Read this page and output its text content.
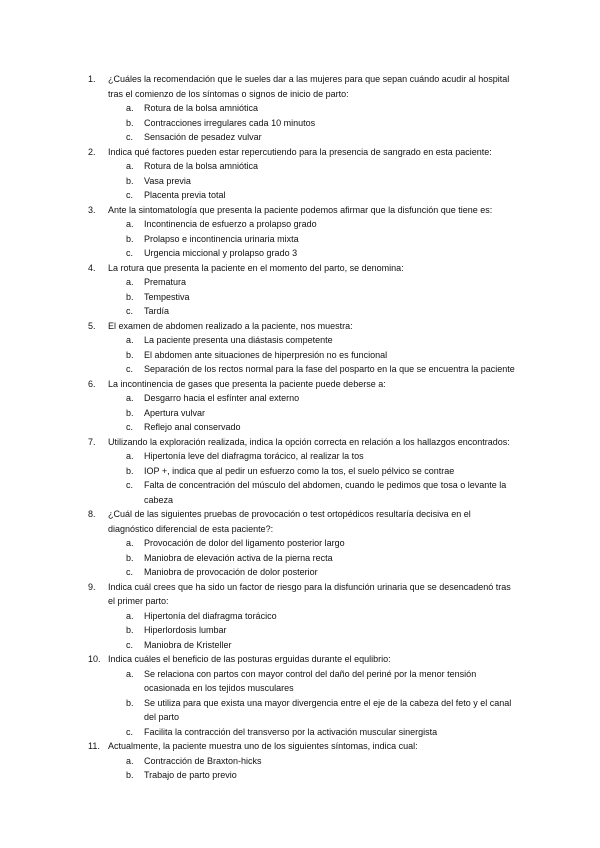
1. ¿Cuáles la recomendación que le sueles dar a las mujeres para que sepan cuándo acudir al hospital tras el comienzo de los síntomas o signos de inicio de parto:
a. Rotura de la bolsa amniótica
b. Contracciones irregulares cada 10 minutos
c. Sensación de pesadez vulvar
2. Indica qué factores pueden estar repercutiendo para la presencia de sangrado en esta paciente:
a. Rotura de la bolsa amniótica
b. Vasa previa
c. Placenta previa total
3. Ante la sintomatología que presenta la paciente podemos afirmar que la disfunción que tiene es:
a. Incontinencia de esfuerzo a prolapso grado
b. Prolapso e incontinencia urinaria mixta
c. Urgencia miccional y prolapso grado 3
4. La rotura que presenta la paciente en el momento del parto, se denomina:
a. Prematura
b. Tempestiva
c. Tardía
5. El examen de abdomen realizado a la paciente, nos muestra:
a. La paciente presenta una diástasis competente
b. El abdomen ante situaciones de hiperpresión no es funcional
c. Separación de los rectos normal para la fase del posparto en la que se encuentra la paciente
6. La incontinencia de gases que presenta la paciente puede deberse a:
a. Desgarro hacia el esfínter anal externo
b. Apertura vulvar
c. Reflejo anal conservado
7. Utilizando la exploración realizada, indica la opción correcta en relación a los hallazgos encontrados:
a. Hipertonía leve del diafragma torácico, al realizar la tos
b. IOP +, indica que al pedir un esfuerzo como la tos, el suelo pélvico se contrae
c. Falta de concentración del músculo del abdomen, cuando le pedimos que tosa o levante la cabeza
8. ¿Cuál de las siguientes pruebas de provocación o test ortopédicos resultaría decisiva en el diagnóstico diferencial de esta paciente?:
a. Provocación de dolor del ligamento posterior largo
b. Maniobra de elevación activa de la pierna recta
c. Maniobra de provocación de dolor posterior
9. Indica cuál crees que ha sido un factor de riesgo para la disfunción urinaria que se desencadenó tras el primer parto:
a. Hipertonía del diafragma torácico
b. Hiperlordosis lumbar
c. Maniobra de Kristeller
10. Indica cuáles el beneficio de las posturas erguidas durante el equlibrio:
a. Se relaciona con partos con mayor control del daño del periné por la menor tensión ocasionada en los tejidos musculares
b. Se utiliza para que exista una mayor divergencia entre el eje de la cabeza del feto y el canal del parto
c. Facilita la contracción del transverso por la activación muscular sinergista
11. Actualmente, la paciente muestra uno de los siguientes síntomas, indica cual:
a. Contracción de Braxton-hicks
b. Trabajo de parto previo
